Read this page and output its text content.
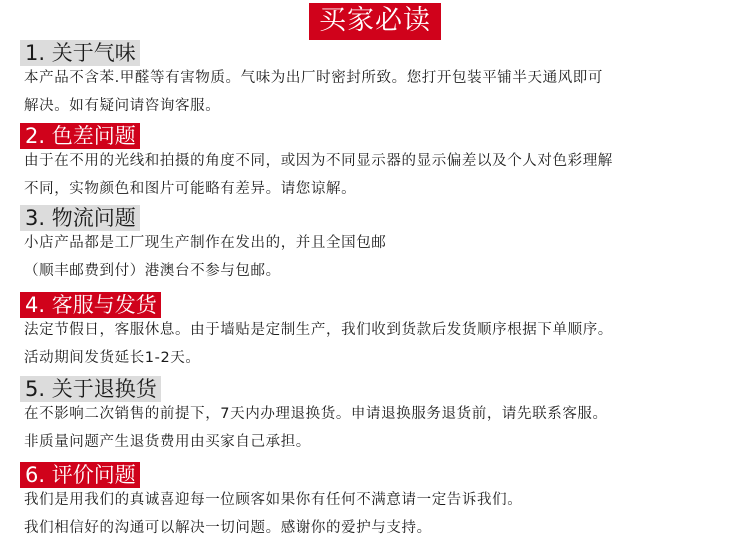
买家必读
1. 关于气味
本产品不含苯.甲醛等有害物质。气味为出厂时密封所致。您打开包装平铺半天通风即可
解决。如有疑问请咨询客服。
2. 色差问题
由于在不用的光线和拍摄的角度不同，或因为不同显示器的显示偏差以及个人对色彩理解
不同，实物颜色和图片可能略有差异。请您谅解。
3. 物流问题
小店产品都是工厂现生产制作在发出的，并且全国包邮
（顺丰邮费到付）港澳台不参与包邮。
4. 客服与发货
法定节假日，客服休息。由于墙贴是定制生产，我们收到货款后发货顺序根据下单顺序。
活动期间发货延长1-2天。
5. 关于退换货
在不影响二次销售的前提下，7天内办理退换货。申请退换服务退货前，请先联系客服。
非质量问题产生退货费用由买家自己承担。
6. 评价问题
我们是用我们的真诚喜迎每一位顾客如果你有任何不满意请一定告诉我们。
我们相信好的沟通可以解决一切问题。感谢你的爱护与支持。
